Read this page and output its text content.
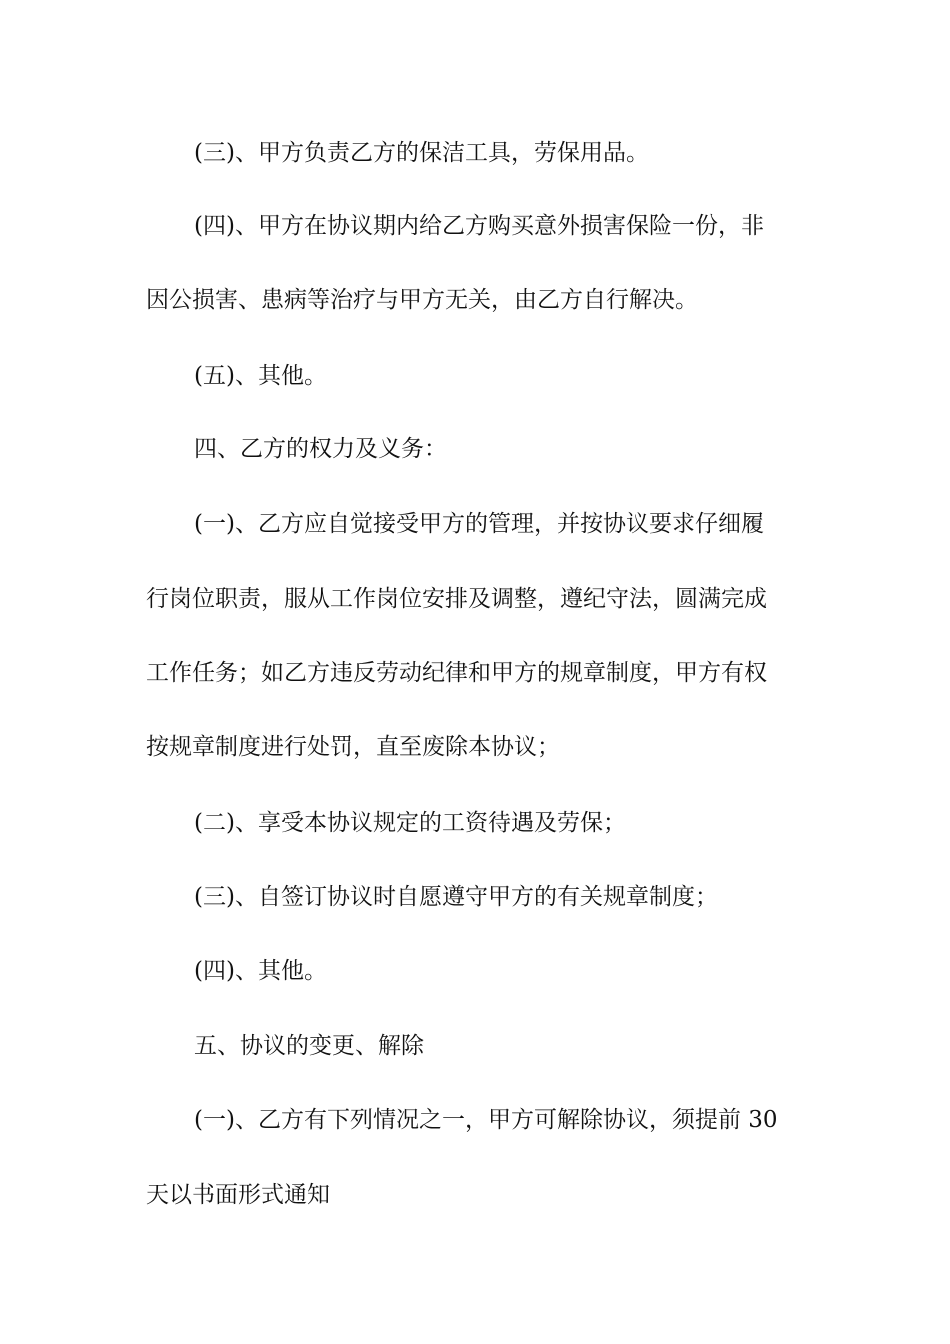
(三)、甲方负责乙方的保洁工具，劳保用品。
(四)、甲方在协议期内给乙方购买意外损害保险一份，非
因公损害、患病等治疗与甲方无关，由乙方自行解决。
(五)、其他。
四、乙方的权力及义务：
(一)、乙方应自觉接受甲方的管理，并按协议要求仔细履
行岗位职责，服从工作岗位安排及调整，遵纪守法，圆满完成
工作任务；如乙方违反劳动纪律和甲方的规章制度，甲方有权
按规章制度进行处罚，直至废除本协议；
(二)、享受本协议规定的工资待遇及劳保；
(三)、自签订协议时自愿遵守甲方的有关规章制度；
(四)、其他。
五、协议的变更、解除
(一)、乙方有下列情况之一，甲方可解除协议，须提前 30
天以书面形式通知
